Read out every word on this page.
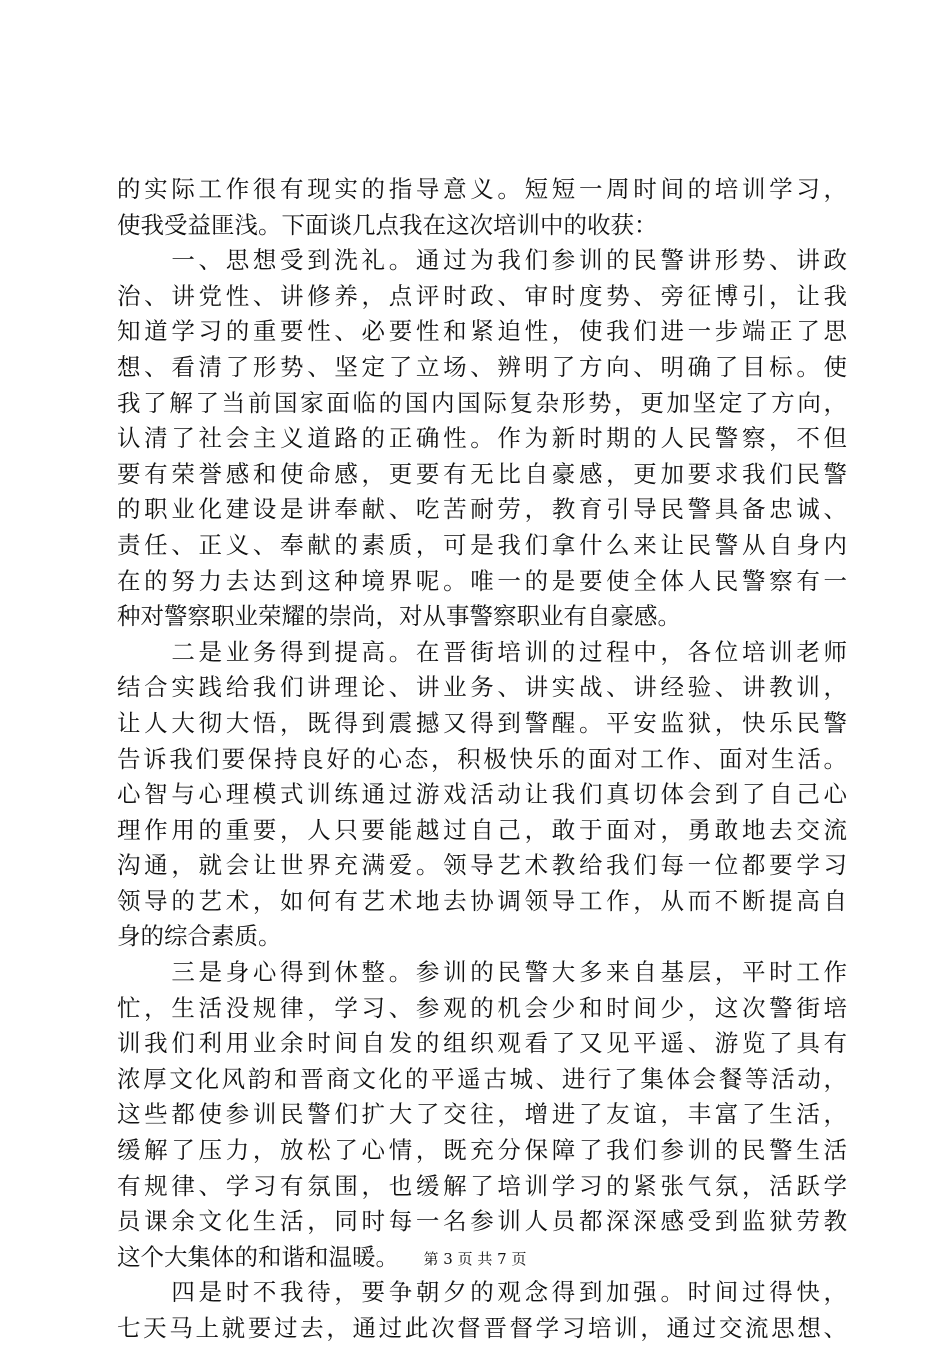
的实际工作很有现实的指导意义。短短一周时间的培训学习，
使我受益匪浅。下面谈几点我在这次培训中的收获：
　　一、思想受到洗礼。通过为我们参训的民警讲形势、讲政
治、讲党性、讲修养，点评时政、审时度势、旁征博引，让我
知道学习的重要性、必要性和紧迫性，使我们进一步端正了思
想、看清了形势、坚定了立场、辨明了方向、明确了目标。使
我了解了当前国家面临的国内国际复杂形势，更加坚定了方向，
认清了社会主义道路的正确性。作为新时期的人民警察，不但
要有荣誉感和使命感，更要有无比自豪感，更加要求我们民警
的职业化建设是讲奉献、吃苦耐劳，教育引导民警具备忠诚、
责任、正义、奉献的素质，可是我们拿什么来让民警从自身内
在的努力去达到这种境界呢。唯一的是要使全体人民警察有一
种对警察职业荣耀的崇尚，对从事警察职业有自豪感。
　　二是业务得到提高。在晋街培训的过程中，各位培训老师
结合实践给我们讲理论、讲业务、讲实战、讲经验、讲教训，
让人大彻大悟，既得到震撼又得到警醒。平安监狱，快乐民警
告诉我们要保持良好的心态，积极快乐的面对工作、面对生活。
心智与心理模式训练通过游戏活动让我们真切体会到了自己心
理作用的重要，人只要能越过自己，敢于面对，勇敢地去交流
沟通，就会让世界充满爱。领导艺术教给我们每一位都要学习
领导的艺术，如何有艺术地去协调领导工作，从而不断提高自
身的综合素质。
　　三是身心得到休整。参训的民警大多来自基层，平时工作
忙，生活没规律，学习、参观的机会少和时间少，这次警街培
训我们利用业余时间自发的组织观看了又见平遥、游览了具有
浓厚文化风韵和晋商文化的平遥古城、进行了集体会餐等活动，
这些都使参训民警们扩大了交往，增进了友谊，丰富了生活，
缓解了压力，放松了心情，既充分保障了我们参训的民警生活
有规律、学习有氛围，也缓解了培训学习的紧张气氛，活跃学
员课余文化生活，同时每一名参训人员都深深感受到监狱劳教
这个大集体的和谐和温暖。
　　四是时不我待，要争朝夕的观念得到加强。时间过得快，
七天马上就要过去，通过此次督晋督学习培训，通过交流思想、
第 3 页 共 7 页
